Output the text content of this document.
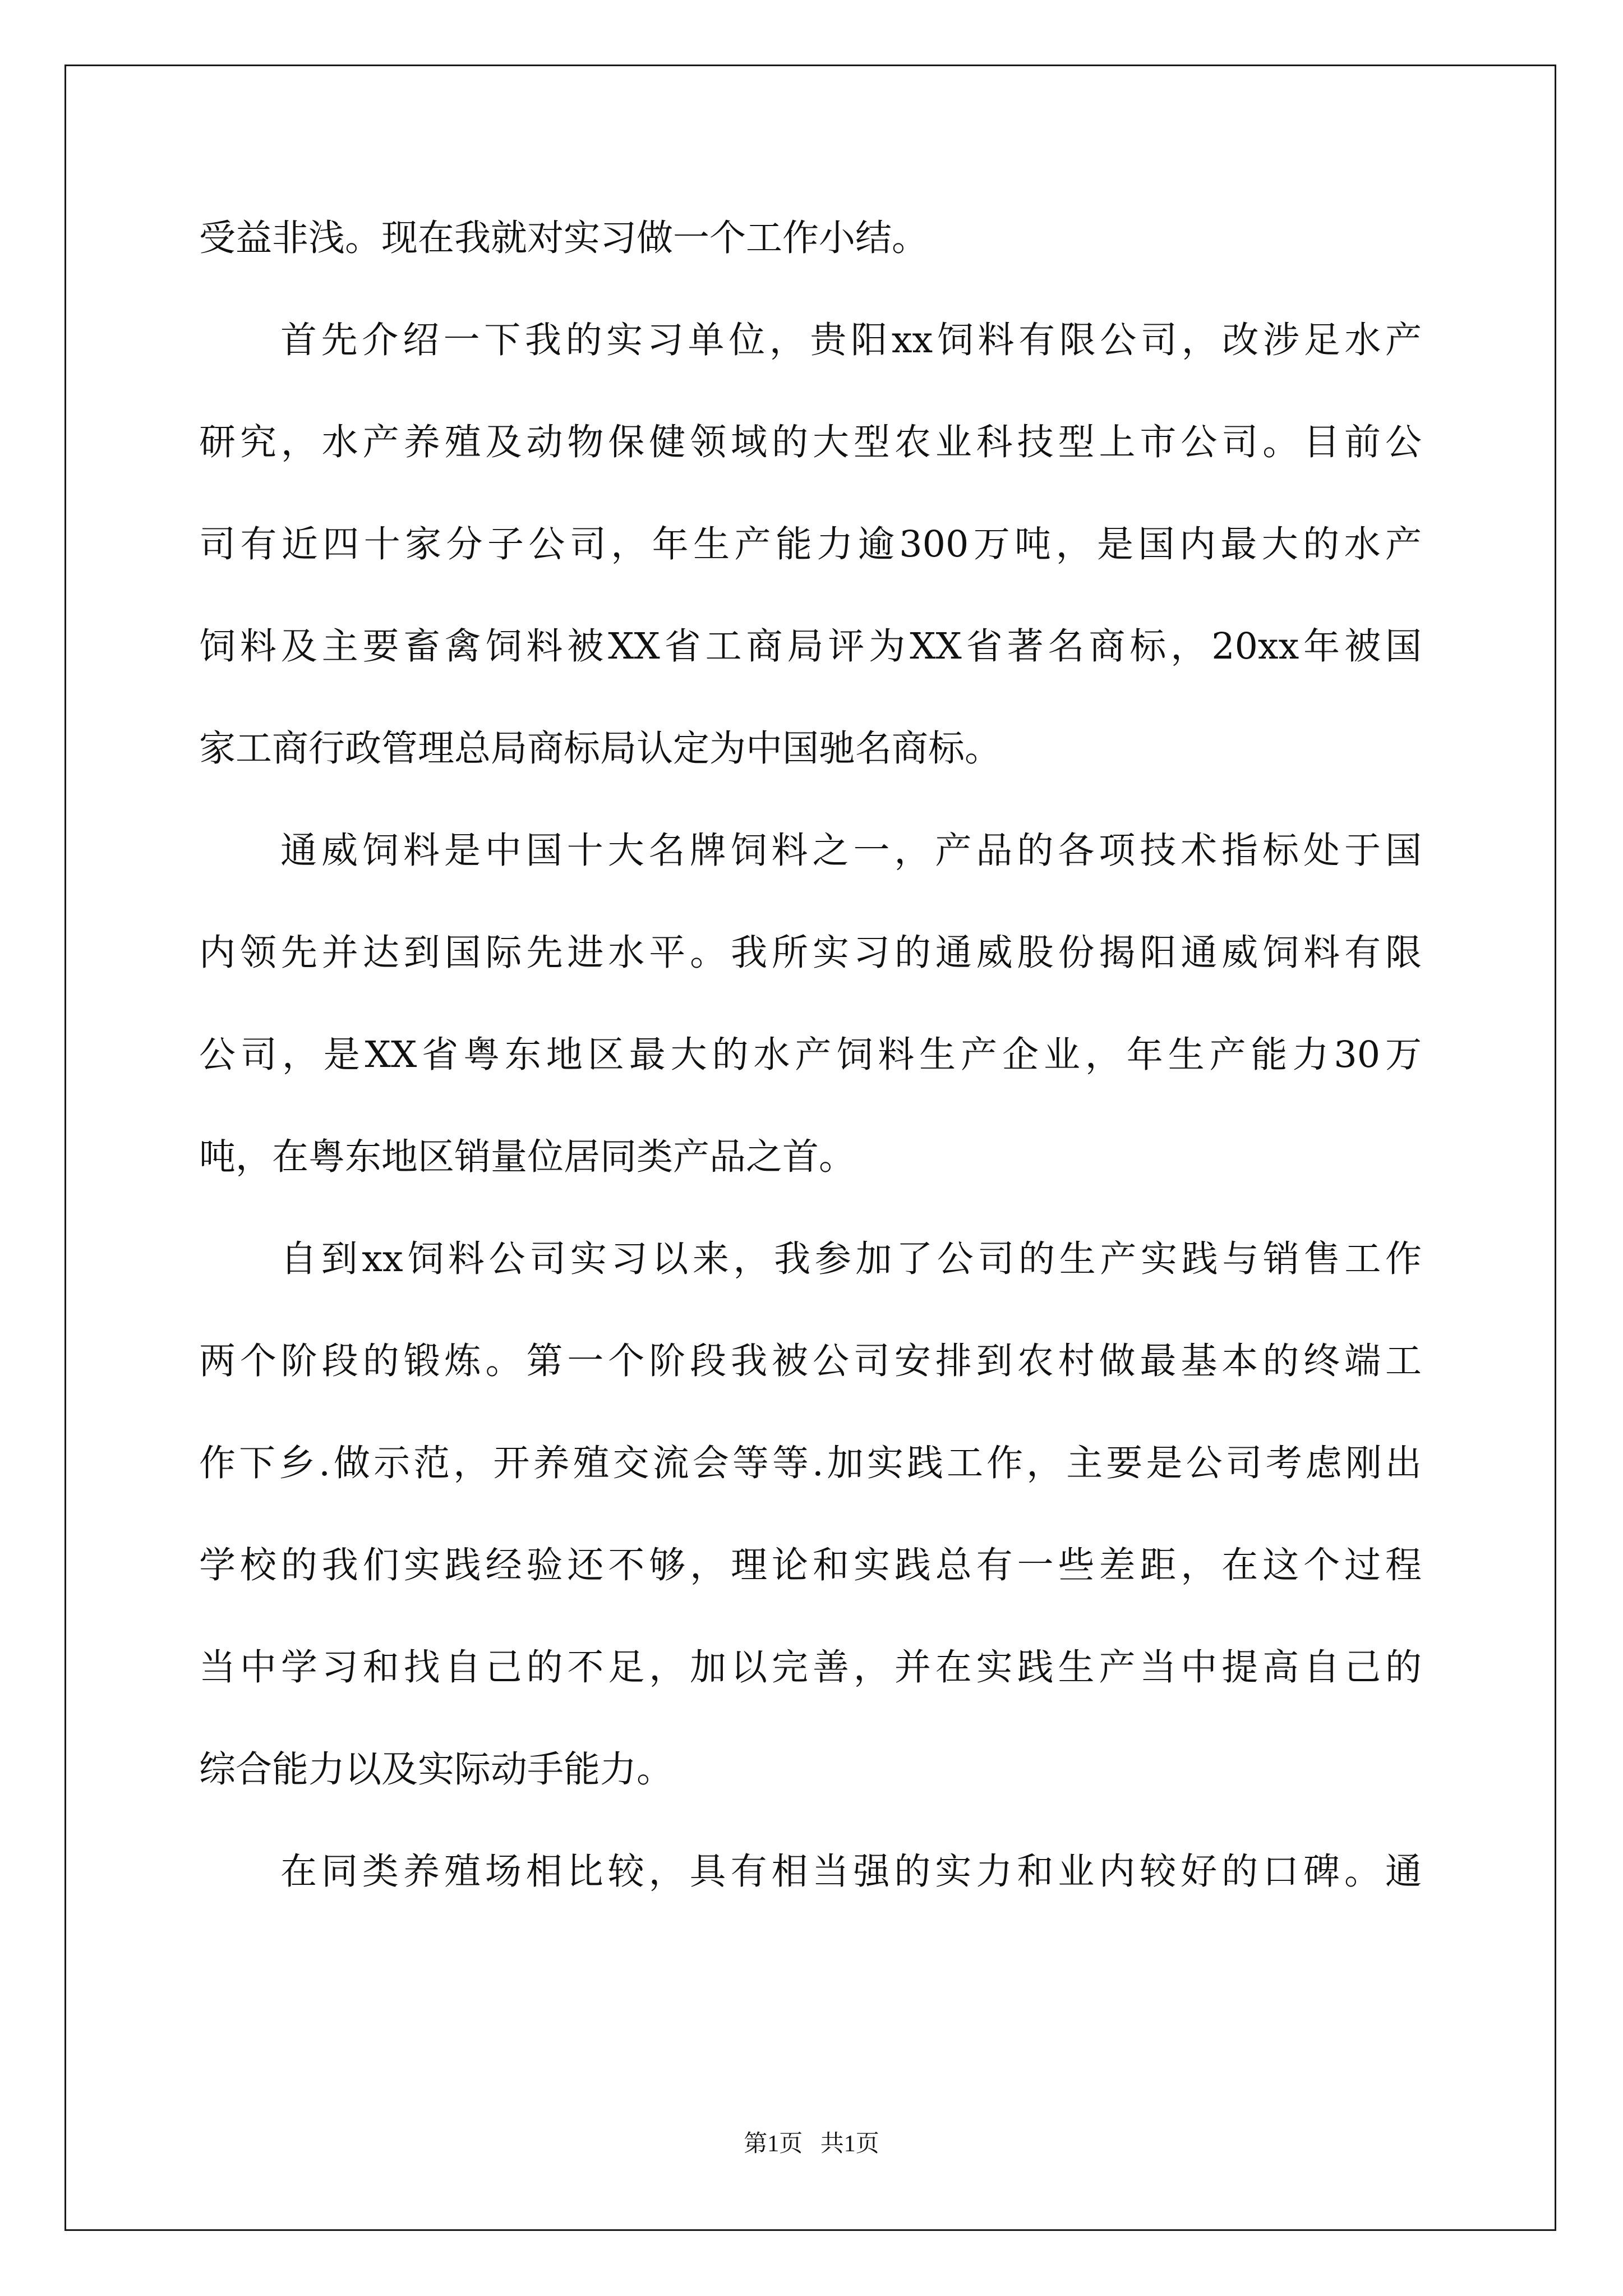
受益非浅。现在我就对实习做一个工作小结。
首先介绍一下我的实习单位，贵阳xx饲料有限公司，改涉足水产
研究，水产养殖及动物保健领域的大型农业科技型上市公司。目前公
司有近四十家分子公司，年生产能力逾300万吨，是国内最大的水产
饲料及主要畜禽饲料被XX省工商局评为XX省著名商标，20xx年被国
家工商行政管理总局商标局认定为中国驰名商标。
通威饲料是中国十大名牌饲料之一，产品的各项技术指标处于国
内领先并达到国际先进水平。我所实习的通威股份揭阳通威饲料有限
公司，是XX省粤东地区最大的水产饲料生产企业，年生产能力30万
吨，在粤东地区销量位居同类产品之首。
自到xx饲料公司实习以来，我参加了公司的生产实践与销售工作
两个阶段的锻炼。第一个阶段我被公司安排到农村做最基本的终端工
作下乡.做示范，开养殖交流会等等.加实践工作，主要是公司考虑刚出
学校的我们实践经验还不够，理论和实践总有一些差距，在这个过程
当中学习和找自己的不足，加以完善，并在实践生产当中提高自己的
综合能力以及实际动手能力。
在同类养殖场相比较，具有相当强的实力和业内较好的口碑。通
第1页   共1页
